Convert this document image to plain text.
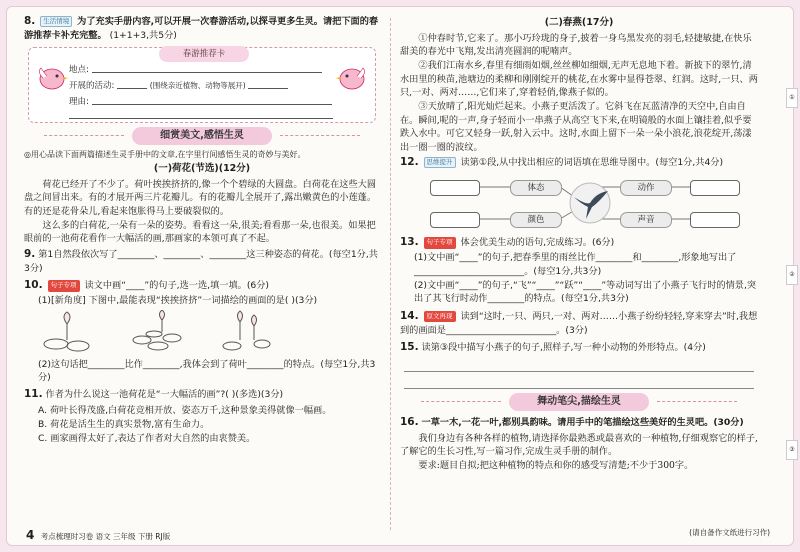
①
②
③
8. 生活情境 为了充实手册内容,可以开展一次春游活动,以探寻更多生灵。请把下面的春游推荐卡补充完整。 (1+1+3,共5分)
春游推荐卡
地点:
开展的活动:	(围绕亲近植物、动物等展开)
理由:
细赏美文,感悟生灵
◎用心品读下面两篇描述生灵手册中的文章,在字里行间感悟生灵的奇妙与美好。
(一)荷花(节选)(12分)
荷花已经开了不少了。荷叶挨挨挤挤的,像一个个碧绿的大圆盘。白荷花在这些大圆盘之间冒出来。有的才展开两三片花瓣儿。有的花瓣儿全展开了,露出嫩黄色的小莲蓬。有的还是花骨朵儿,看起来饱胀得马上要破裂似的。
这么多的白荷花,一朵有一朵的姿势。看看这一朵,很美;看看那一朵,也很美。如果把眼前的一池荷花看作一大幅活的画,那画家的本领可真了不起。
9. 第1自然段依次写了________、________、________这三种姿态的荷花。(每空1分,共3分)
10. 句子专项 读文中画“____”的句子,选一选,填一填。(6分)
(1)[新角度] 下图中,最能表现“挨挨挤挤”一词描绘的画面的是( )(3分)
(2)这句话把________比作________,我体会到了荷叶________的特点。(每空1分,共3分)
11. 作者为什么说这一池荷花是“一大幅活的画”?( )(多选)(3分)
A. 荷叶长得茂盛,白荷花竞相开放、姿态万千,这种景象美得就像一幅画。
B. 荷花是活生生的真实景物,富有生命力。
C. 画家画得太好了,表达了作者对大自然的由衷赞美。
4 考点梳理时习卷 语文 三年级 下册 RJ版
(二)春燕(17分)
①仲春时节,它来了。那小巧玲珑的身子,披着一身乌黑发亮的羽毛,轻捷敏捷,在快乐甜美的春光中飞翔,发出清亮圆润的呢喃声。
②我们江南水乡,春里有细雨如烟,丝丝柳如细烟,无声无息地下着。新披下的翠竹,清水田里的秧苗,池塘边的柔柳和刚刚绽开的桃花,在水雾中显得苍翠、红润。这时,一只、两只,一对、两对……,它们来了,穿着轻俏,像燕子似的。
③天放晴了,阳光灿烂起来。小燕子更活泼了。它斜飞在瓦蓝清净的天空中,自由自在。瞬间,呢的一声,身子轻而小一串燕子从高空飞下来,在明镜般的水面上镶挂着,似乎要跌入水中。可它又轻身一跃,射入云中。这时,水面上留下一朵一朵小浪花,浪花绽开,荡漾出一圈一圈的波纹。
12. 思维提升 读第①段,从中找出相应的词语填在思维导图中。(每空1分,共4分)
体态	动作
颜色	声音
13. 句子专项 体会优美生动的语句,完成练习。(6分)
(1)文中画“____”的句子,把春季里的雨丝比作________和________,形象地写出了________________________。(每空1分,共3分)
(2)文中画“____”的句子,“飞”“____”“跃”“____”等动词写出了小燕子飞行时的情景,突出了其飞行时动作________的特点。(每空1分,共3分)
14. 原文再现 读到“这时,一只、两只,一对、两对……小燕子纷纷轻轻,穿来穿去”时,我想到的画面是________________________。(3分)
15. 读第③段中描写小燕子的句子,照样子,写一种小动物的外形特点。(4分)
舞动笔尖,描绘生灵
16. 一草一木,一花一叶,都别具韵味。请用手中的笔描绘这些美好的生灵吧。(30分)
我们身边有各种各样的植物,请选择你最熟悉或最喜欢的一种植物,仔细观察它的样子,了解它的生长习性,写一篇习作,完成生灵手册的制作。
要求:题目自拟;把这种植物的特点和你的感受写清楚;不少于300字。
(请自备作文纸进行习作)
